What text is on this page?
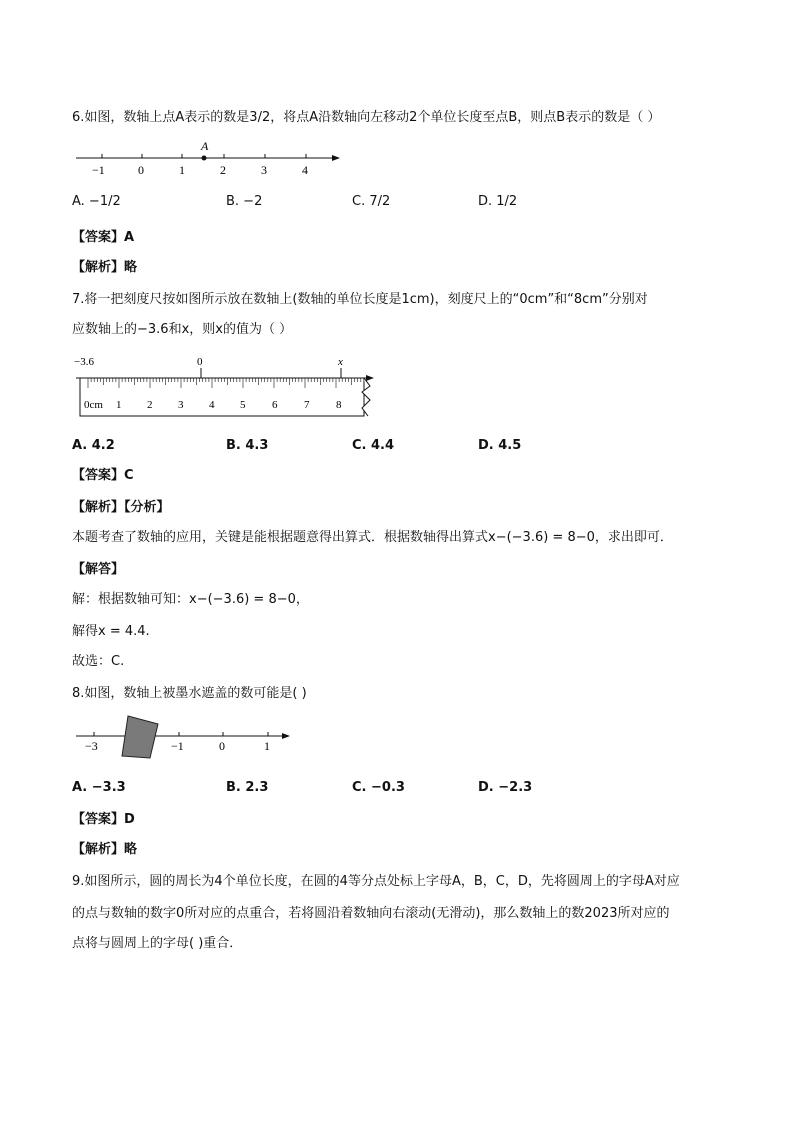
6.如图，数轴上点A表示的数是3/2，将点A沿数轴向左移动2个单位长度至点B，则点B表示的数是（ ）
A
−1	0	1	2	3	4
A. −1/2	B. −2	C. 7/2	D. 1/2
【答案】A
【解析】略
7.将一把刻度尺按如图所示放在数轴上(数轴的单位长度是1cm)，刻度尺上的“0cm”和“8cm”分别对
应数轴上的−3.6和x，则x的值为（ ）
−3.6	0	x
0cm 1 2 3 4 5 6 7 8
A. 4.2	B. 4.3	C. 4.4	D. 4.5
【答案】C
【解析】【分析】
本题考查了数轴的应用，关键是能根据题意得出算式．根据数轴得出算式x−(−3.6) = 8−0，求出即可．
【解答】
解：根据数轴可知：x−(−3.6) = 8−0，
解得x = 4.4.
故选：C.
8.如图，数轴上被墨水遮盖的数可能是( )
−3	−1	0	1
A. −3.3	B. 2.3	C. −0.3	D. −2.3
【答案】D
【解析】略
9.如图所示，圆的周长为4个单位长度，在圆的4等分点处标上字母A，B，C，D，先将圆周上的字母A对应
的点与数轴的数字0所对应的点重合，若将圆沿着数轴向右滚动(无滑动)，那么数轴上的数2023所对应的
点将与圆周上的字母( )重合．
